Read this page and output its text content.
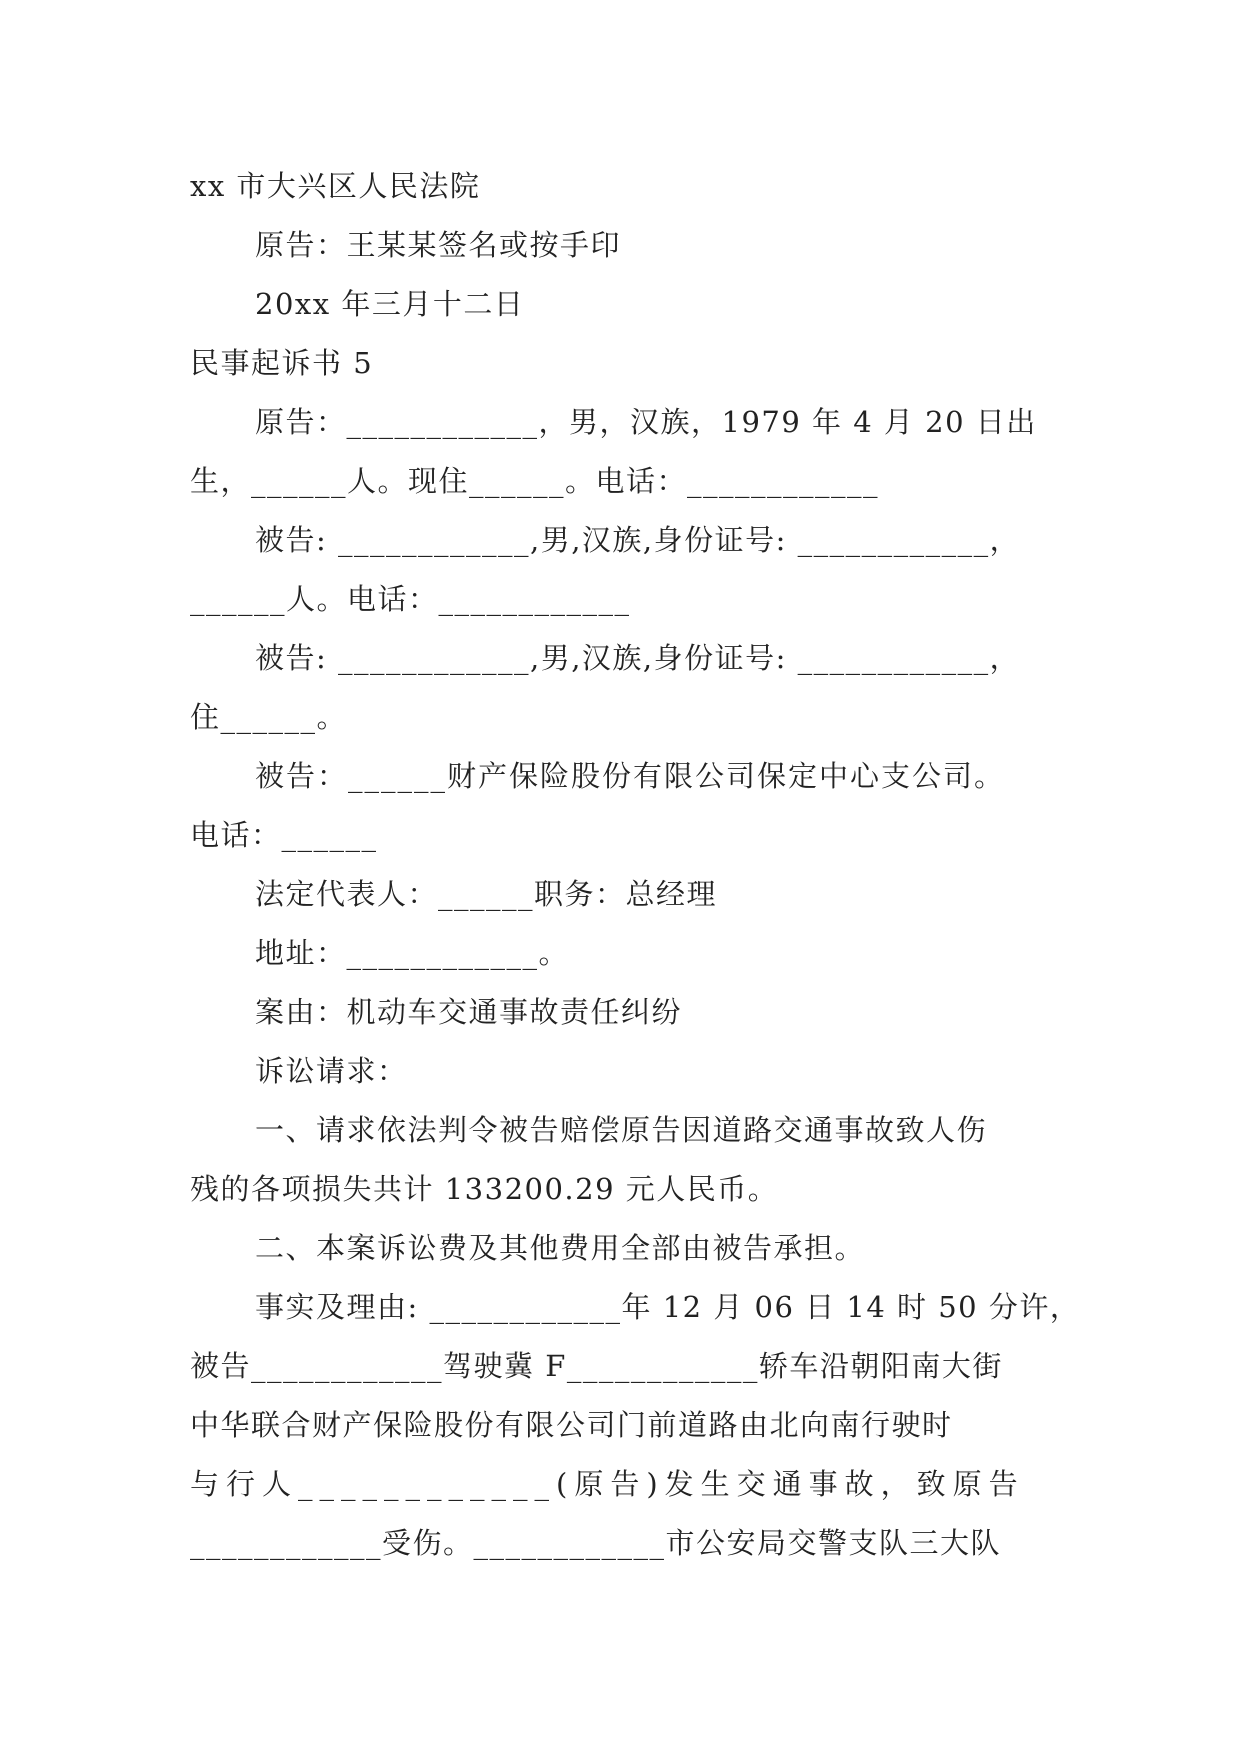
xx 市大兴区人民法院
原告：王某某签名或按手印
20xx 年三月十二日
民事起诉书 5
原告：____________，男，汉族，1979 年 4 月 20 日出
生，______人。现住______。电话：____________
被告: ____________,男,汉族,身份证号: ____________，
______人。电话：____________
被告: ____________,男,汉族,身份证号: ____________，
住______。
被告：______财产保险股份有限公司保定中心支公司。
电话：______
法定代表人：______职务：总经理
地址：____________。
案由：机动车交通事故责任纠纷
诉讼请求：
一、请求依法判令被告赔偿原告因道路交通事故致人伤
残的各项损失共计 133200.29 元人民币。
二、本案诉讼费及其他费用全部由被告承担。
事实及理由: ____________年 12 月 06 日 14 时 50 分许，
被告____________驾驶冀 F____________轿车沿朝阳南大街
中华联合财产保险股份有限公司门前道路由北向南行驶时
与行人____________(原告)发生交通事故，致原告
____________受伤。____________市公安局交警支队三大队
